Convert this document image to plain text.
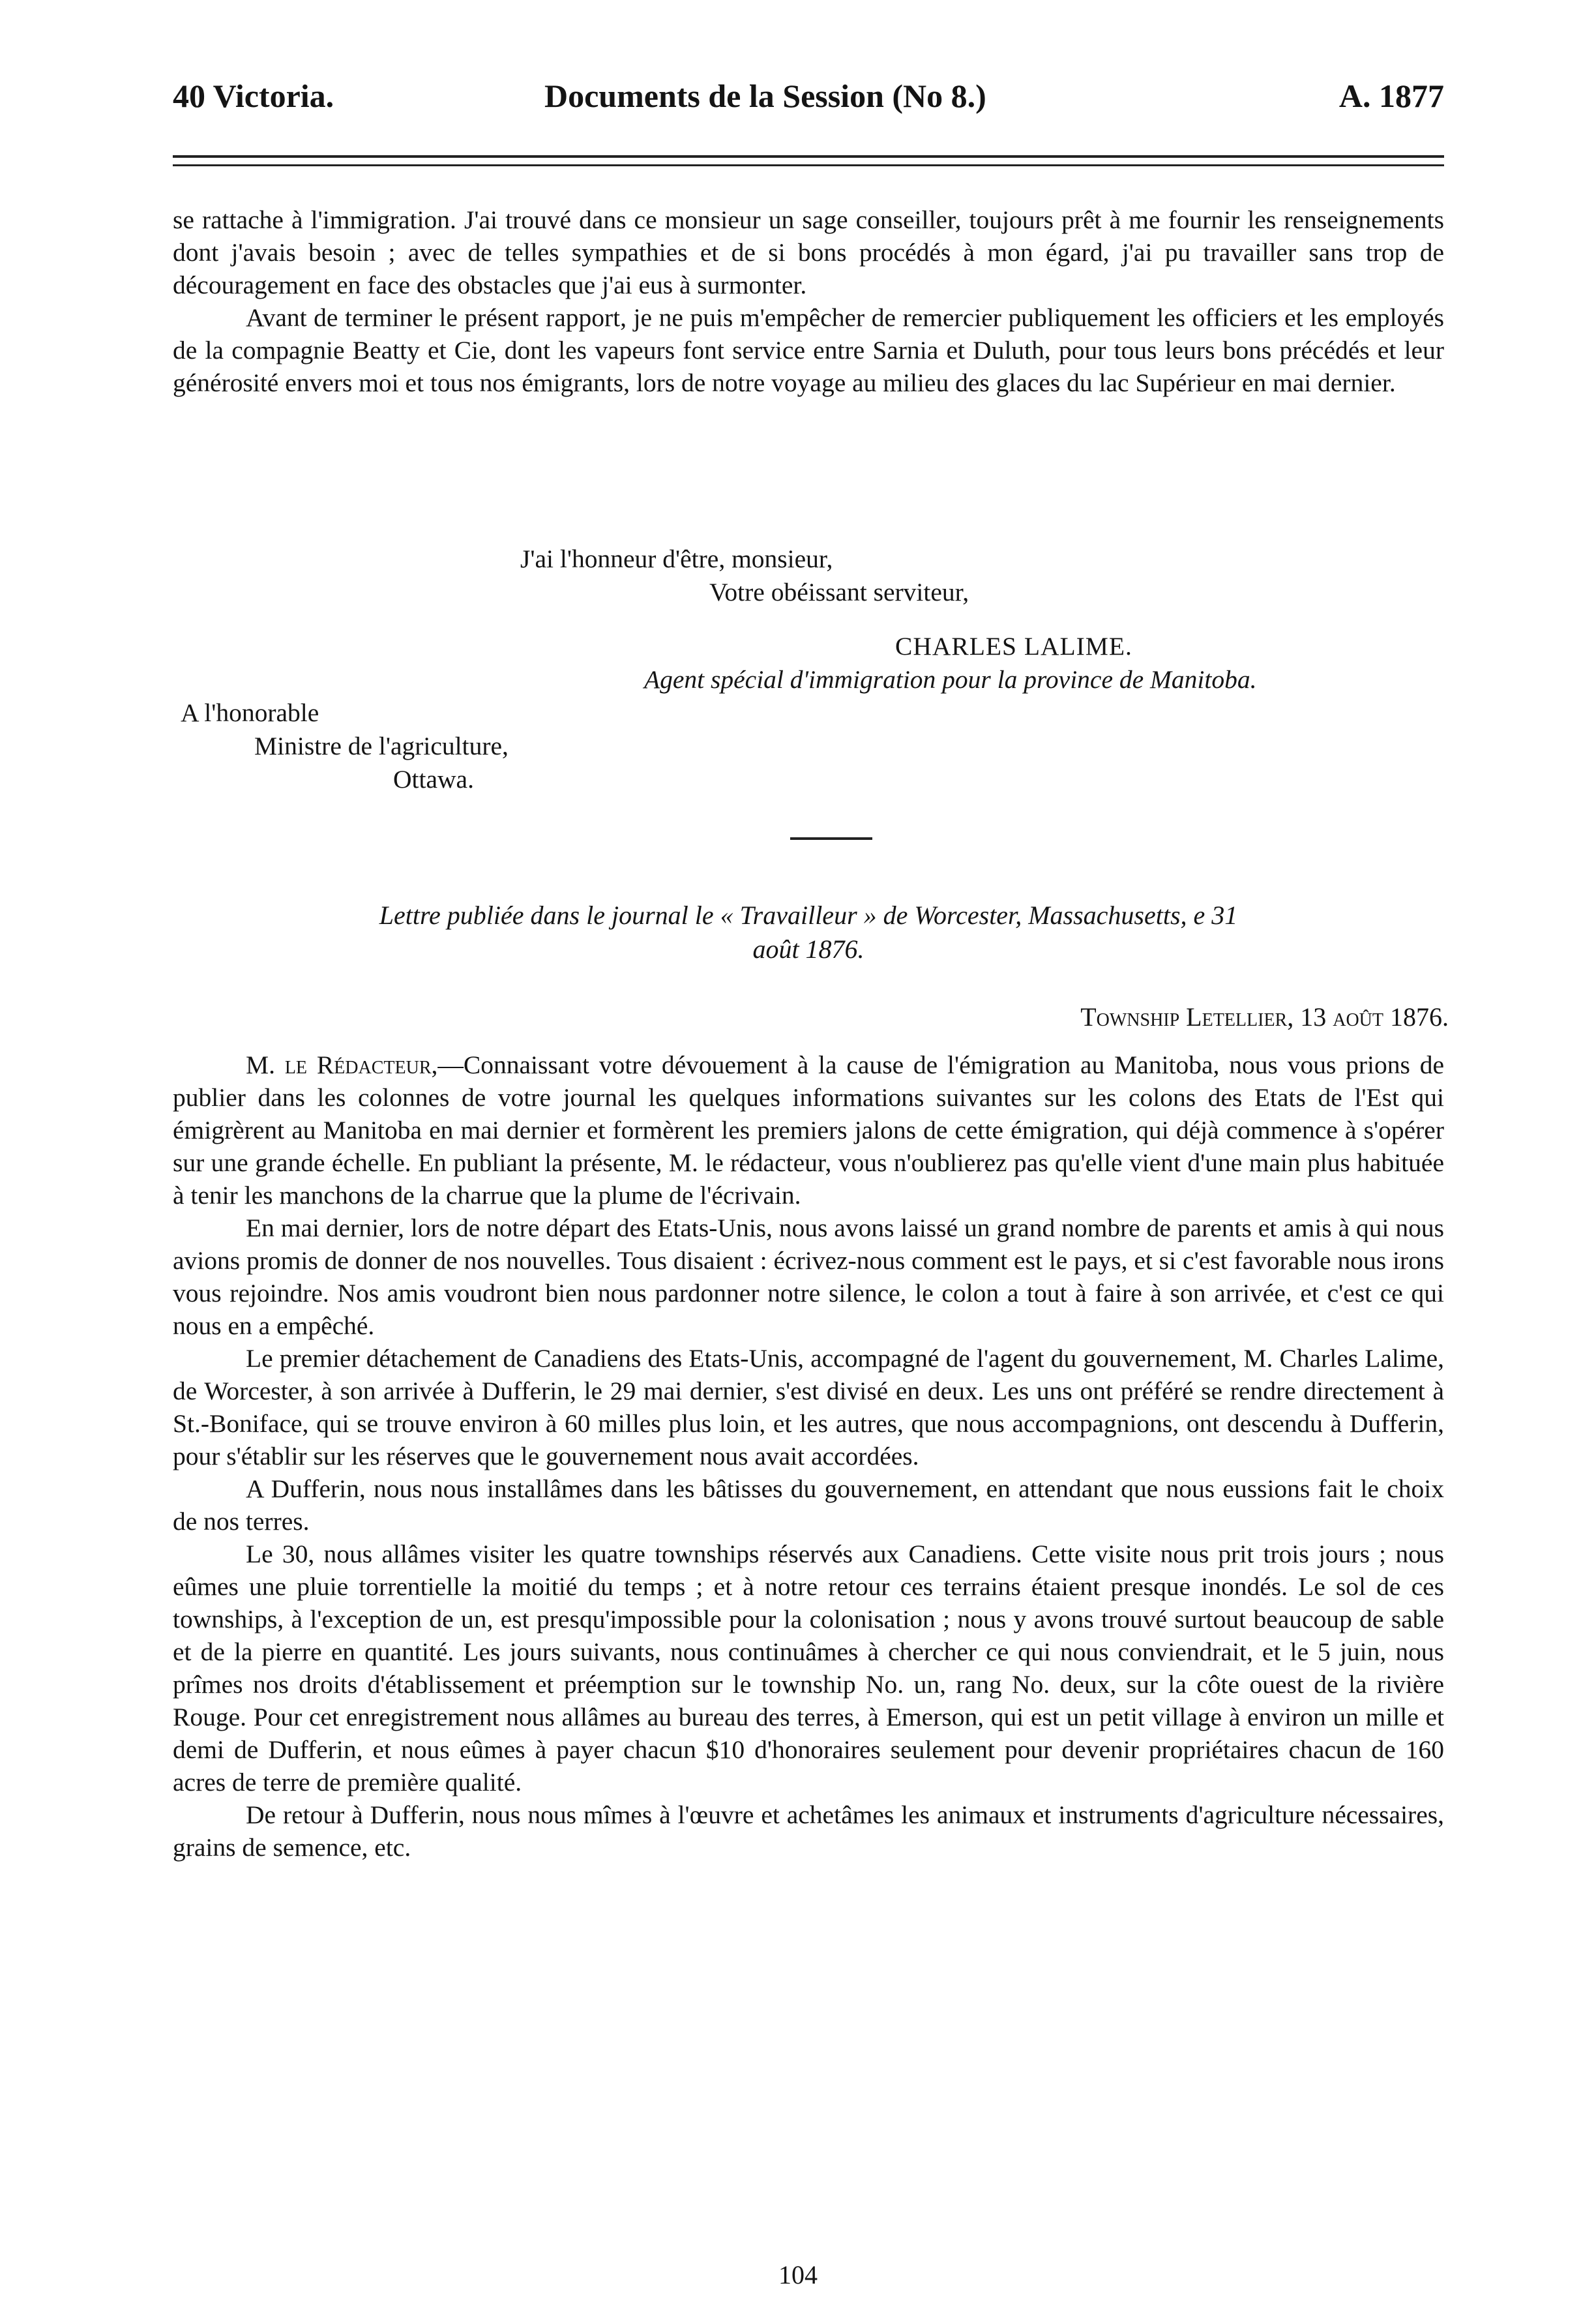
40 Victoria.	Documents de la Session (No 8.)	A. 1877

se rattache à l'immigration. J'ai trouvé dans ce monsieur un sage conseiller, toujours prêt à me fournir les renseignements dont j'avais besoin ; avec de telles sympathies et de si bons procédés à mon égard, j'ai pu travailler sans trop de découragement en face des obstacles que j'ai eus à surmonter.

Avant de terminer le présent rapport, je ne puis m'empêcher de remercier publiquement les officiers et les employés de la compagnie Beatty et Cie, dont les vapeurs font service entre Sarnia et Duluth, pour tous leurs bons précédés et leur générosité envers moi et tous nos émigrants, lors de notre voyage au milieu des glaces du lac Supérieur en mai dernier.

J'ai l'honneur d'être, monsieur,
Votre obéissant serviteur,
CHARLES LALIME.
Agent spécial d'immigration pour la province de Manitoba.
A l'honorable
Ministre de l'agriculture,
Ottawa.
Lettre publiée dans le journal le « Travailleur » de Worcester, Massachusetts, e 31
août 1876.
Township Letellier, 13 août 1876.

M. le Rédacteur,—Connaissant votre dévouement à la cause de l'émigration au Manitoba, nous vous prions de publier dans les colonnes de votre journal les quelques informations suivantes sur les colons des Etats de l'Est qui émigrèrent au Manitoba en mai dernier et formèrent les premiers jalons de cette émigration, qui déjà commence à s'opérer sur une grande échelle. En publiant la présente, M. le rédacteur, vous n'oublierez pas qu'elle vient d'une main plus habituée à tenir les manchons de la charrue que la plume de l'écrivain.

En mai dernier, lors de notre départ des Etats-Unis, nous avons laissé un grand nombre de parents et amis à qui nous avions promis de donner de nos nouvelles. Tous disaient : écrivez-nous comment est le pays, et si c'est favorable nous irons vous rejoindre. Nos amis voudront bien nous pardonner notre silence, le colon a tout à faire à son arrivée, et c'est ce qui nous en a empêché.

Le premier détachement de Canadiens des Etats-Unis, accompagné de l'agent du gouvernement, M. Charles Lalime, de Worcester, à son arrivée à Dufferin, le 29 mai dernier, s'est divisé en deux. Les uns ont préféré se rendre directement à St.-Boniface, qui se trouve environ à 60 milles plus loin, et les autres, que nous accompagnions, ont descendu à Dufferin, pour s'établir sur les réserves que le gouvernement nous avait accordées.

A Dufferin, nous nous installâmes dans les bâtisses du gouvernement, en attendant que nous eussions fait le choix de nos terres.

Le 30, nous allâmes visiter les quatre townships réservés aux Canadiens. Cette visite nous prit trois jours ; nous eûmes une pluie torrentielle la moitié du temps ; et à notre retour ces terrains étaient presque inondés. Le sol de ces townships, à l'exception de un, est presqu'impossible pour la colonisation ; nous y avons trouvé surtout beaucoup de sable et de la pierre en quantité. Les jours suivants, nous continuâmes à chercher ce qui nous conviendrait, et le 5 juin, nous prîmes nos droits d'établissement et préemption sur le township No. un, rang No. deux, sur la côte ouest de la rivière Rouge. Pour cet enregistrement nous allâmes au bureau des terres, à Emerson, qui est un petit village à environ un mille et demi de Dufferin, et nous eûmes à payer chacun $10 d'honoraires seulement pour devenir propriétaires chacun de 160 acres de terre de première qualité.

De retour à Dufferin, nous nous mîmes à l'œuvre et achetâmes les animaux et instruments d'agriculture nécessaires, grains de semence, etc.

104
